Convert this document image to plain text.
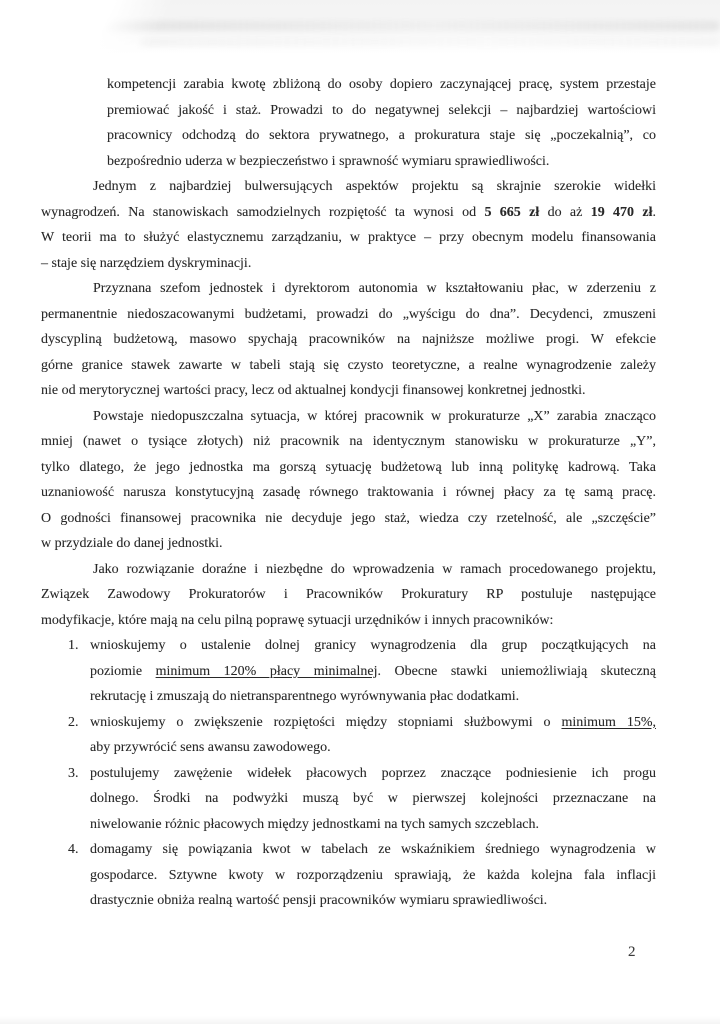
kompetencji zarabia kwotę zbliżoną do osoby dopiero zaczynającej pracę, system przestaje
premiować jakość i staż. Prowadzi to do negatywnej selekcji – najbardziej wartościowi
pracownicy odchodzą do sektora prywatnego, a prokuratura staje się „poczekalnią”, co
bezpośrednio uderza w bezpieczeństwo i sprawność wymiaru sprawiedliwości.
Jednym z najbardziej bulwersujących aspektów projektu są skrajnie szerokie widełki
wynagrodzeń. Na stanowiskach samodzielnych rozpiętość ta wynosi od 5 665 zł do aż 19 470 zł.
W teorii ma to służyć elastycznemu zarządzaniu, w praktyce – przy obecnym modelu finansowania
– staje się narzędziem dyskryminacji.
Przyznana szefom jednostek i dyrektorom autonomia w kształtowaniu płac, w zderzeniu z
permanentnie niedoszacowanymi budżetami, prowadzi do „wyścigu do dna”. Decydenci, zmuszeni
dyscypliną budżetową, masowo spychają pracowników na najniższe możliwe progi. W efekcie
górne granice stawek zawarte w tabeli stają się czysto teoretyczne, a realne wynagrodzenie zależy
nie od merytorycznej wartości pracy, lecz od aktualnej kondycji finansowej konkretnej jednostki.
Powstaje niedopuszczalna sytuacja, w której pracownik w prokuraturze „X” zarabia znacząco
mniej (nawet o tysiące złotych) niż pracownik na identycznym stanowisku w prokuraturze „Y”,
tylko dlatego, że jego jednostka ma gorszą sytuację budżetową lub inną politykę kadrową. Taka
uznaniowość narusza konstytucyjną zasadę równego traktowania i równej płacy za tę samą pracę.
O godności finansowej pracownika nie decyduje jego staż, wiedza czy rzetelność, ale „szczęście”
w przydziale do danej jednostki.
Jako rozwiązanie doraźne i niezbędne do wprowadzenia w ramach procedowanego projektu,
Związek Zawodowy Prokuratorów i Pracowników Prokuratury RP postuluje następujące
modyfikacje, które mają na celu pilną poprawę sytuacji urzędników i innych pracowników:
1. wnioskujemy o ustalenie dolnej granicy wynagrodzenia dla grup początkujących na
poziomie minimum 120% płacy minimalnej. Obecne stawki uniemożliwiają skuteczną
rekrutację i zmuszają do nietransparentnego wyrównywania płac dodatkami.
2. wnioskujemy o zwiększenie rozpiętości między stopniami służbowymi o minimum 15%,
aby przywrócić sens awansu zawodowego.
3. postulujemy zawężenie widełek płacowych poprzez znaczące podniesienie ich progu
dolnego. Środki na podwyżki muszą być w pierwszej kolejności przeznaczane na
niwelowanie różnic płacowych między jednostkami na tych samych szczeblach.
4. domagamy się powiązania kwot w tabelach ze wskaźnikiem średniego wynagrodzenia w
gospodarce. Sztywne kwoty w rozporządzeniu sprawiają, że każda kolejna fala inflacji
drastycznie obniża realną wartość pensji pracowników wymiaru sprawiedliwości.
2
